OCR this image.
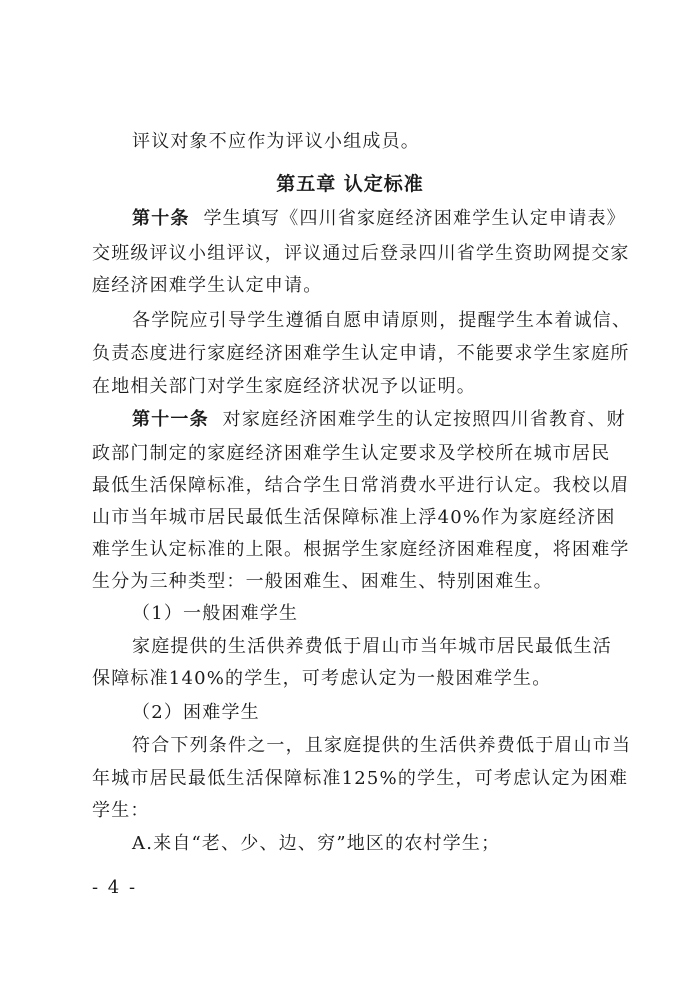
评议对象不应作为评议小组成员。
第五章 认定标准
第十条 学生填写《四川省家庭经济困难学生认定申请表》
交班级评议小组评议，评议通过后登录四川省学生资助网提交家
庭经济困难学生认定申请。
各学院应引导学生遵循自愿申请原则，提醒学生本着诚信、
负责态度进行家庭经济困难学生认定申请，不能要求学生家庭所
在地相关部门对学生家庭经济状况予以证明。
第十一条 对家庭经济困难学生的认定按照四川省教育、财
政部门制定的家庭经济困难学生认定要求及学校所在城市居民
最低生活保障标准，结合学生日常消费水平进行认定。我校以眉
山市当年城市居民最低生活保障标准上浮40%作为家庭经济困
难学生认定标准的上限。根据学生家庭经济困难程度，将困难学
生分为三种类型：一般困难生、困难生、特别困难生。
（1）一般困难学生
家庭提供的生活供养费低于眉山市当年城市居民最低生活
保障标准140%的学生，可考虑认定为一般困难学生。
（2）困难学生
符合下列条件之一，且家庭提供的生活供养费低于眉山市当
年城市居民最低生活保障标准125%的学生，可考虑认定为困难
学生：
A.来自“老、少、边、穷”地区的农村学生；
- 4 -
